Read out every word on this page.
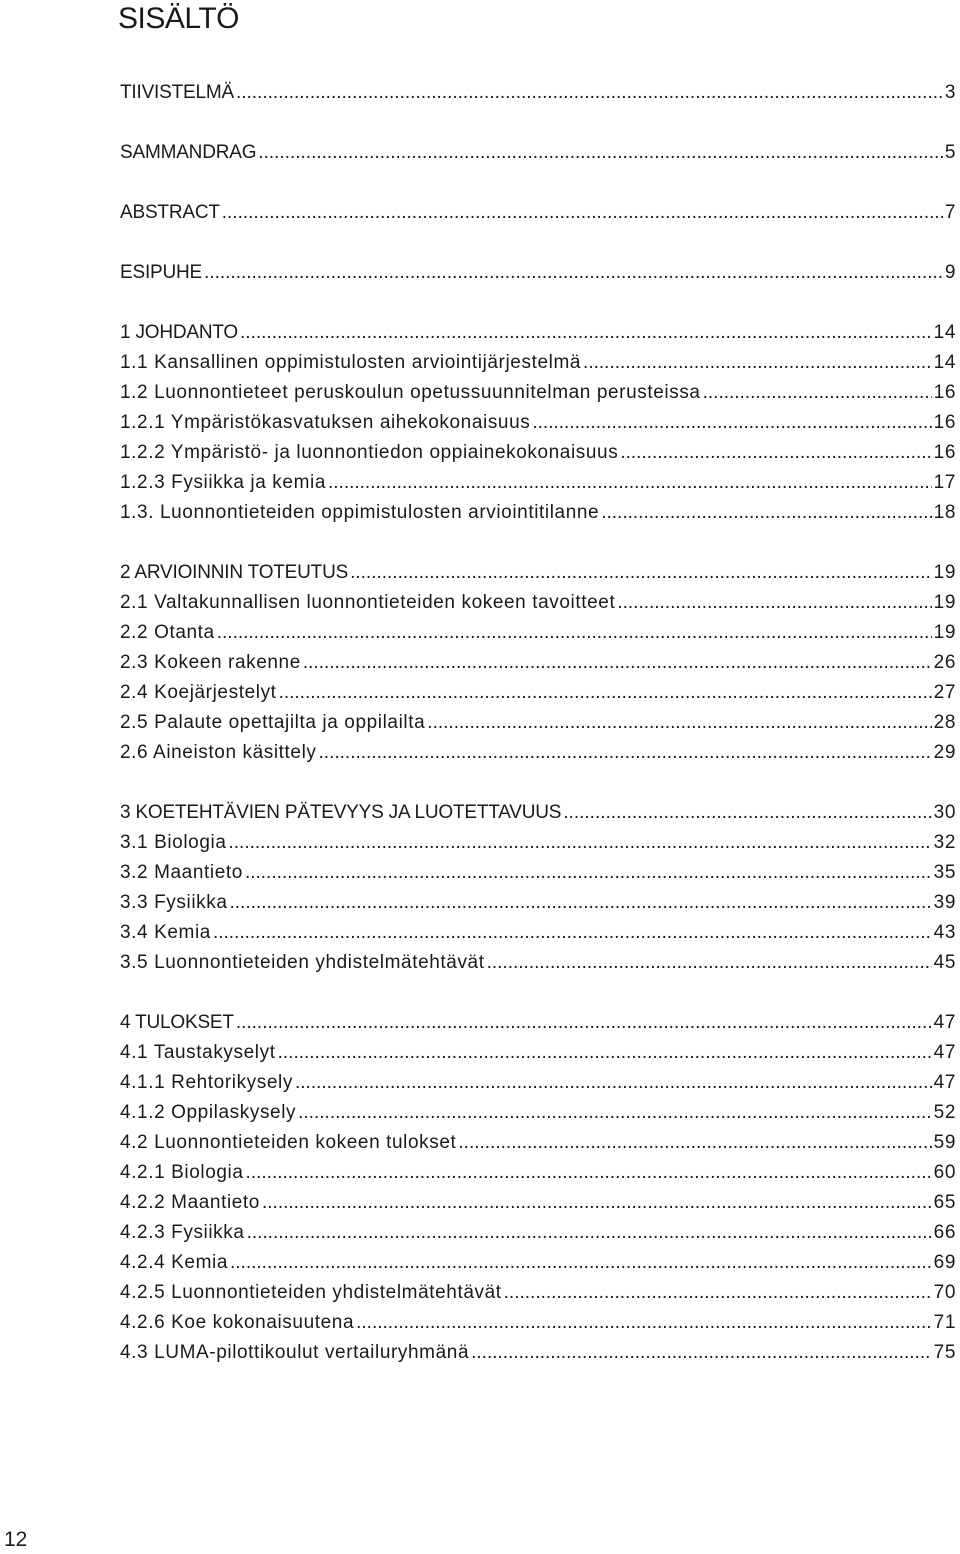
SISÄLTÖ
TIIVISTELMÄ .....	3
SAMMANDRAG .....	5
ABSTRACT .....	7
ESIPUHE .....	9
1 JOHDANTO .....	14
1.1 Kansallinen oppimistulosten arviointijärjestelmä .....	14
1.2 Luonnontieteet peruskoulun opetussuunnitelman perusteissa .....	16
1.2.1 Ympäristökasvatuksen aihekokonaisuus .....	16
1.2.2 Ympäristö- ja luonnontiedon oppiainekokonaisuus .....	16
1.2.3 Fysiikka ja kemia .....	17
1.3. Luonnontieteiden oppimistulosten arviointitilanne .....	18
2 ARVIOINNIN TOTEUTUS .....	19
2.1 Valtakunnallisen luonnontieteiden kokeen tavoitteet .....	19
2.2 Otanta .....	19
2.3 Kokeen rakenne .....	26
2.4 Koejärjestelyt .....	27
2.5 Palaute opettajilta ja oppilailta .....	28
2.6 Aineiston käsittely .....	29
3 KOETEHTÄVIEN PÄTEVYYS JA LUOTETTAVUUS .....	30
3.1 Biologia .....	32
3.2 Maantieto .....	35
3.3 Fysiikka .....	39
3.4 Kemia .....	43
3.5 Luonnontieteiden yhdistelmätehtävät .....	45
4 TULOKSET .....	47
4.1 Taustakyselyt .....	47
4.1.1 Rehtorikysely .....	47
4.1.2 Oppilaskysely .....	52
4.2 Luonnontieteiden kokeen tulokset .....	59
4.2.1 Biologia .....	60
4.2.2 Maantieto .....	65
4.2.3 Fysiikka .....	66
4.2.4 Kemia .....	69
4.2.5 Luonnontieteiden yhdistelmätehtävät .....	70
4.2.6 Koe kokonaisuutena .....	71
4.3 LUMA-pilottikoulut vertailuryhmänä .....	75

12
